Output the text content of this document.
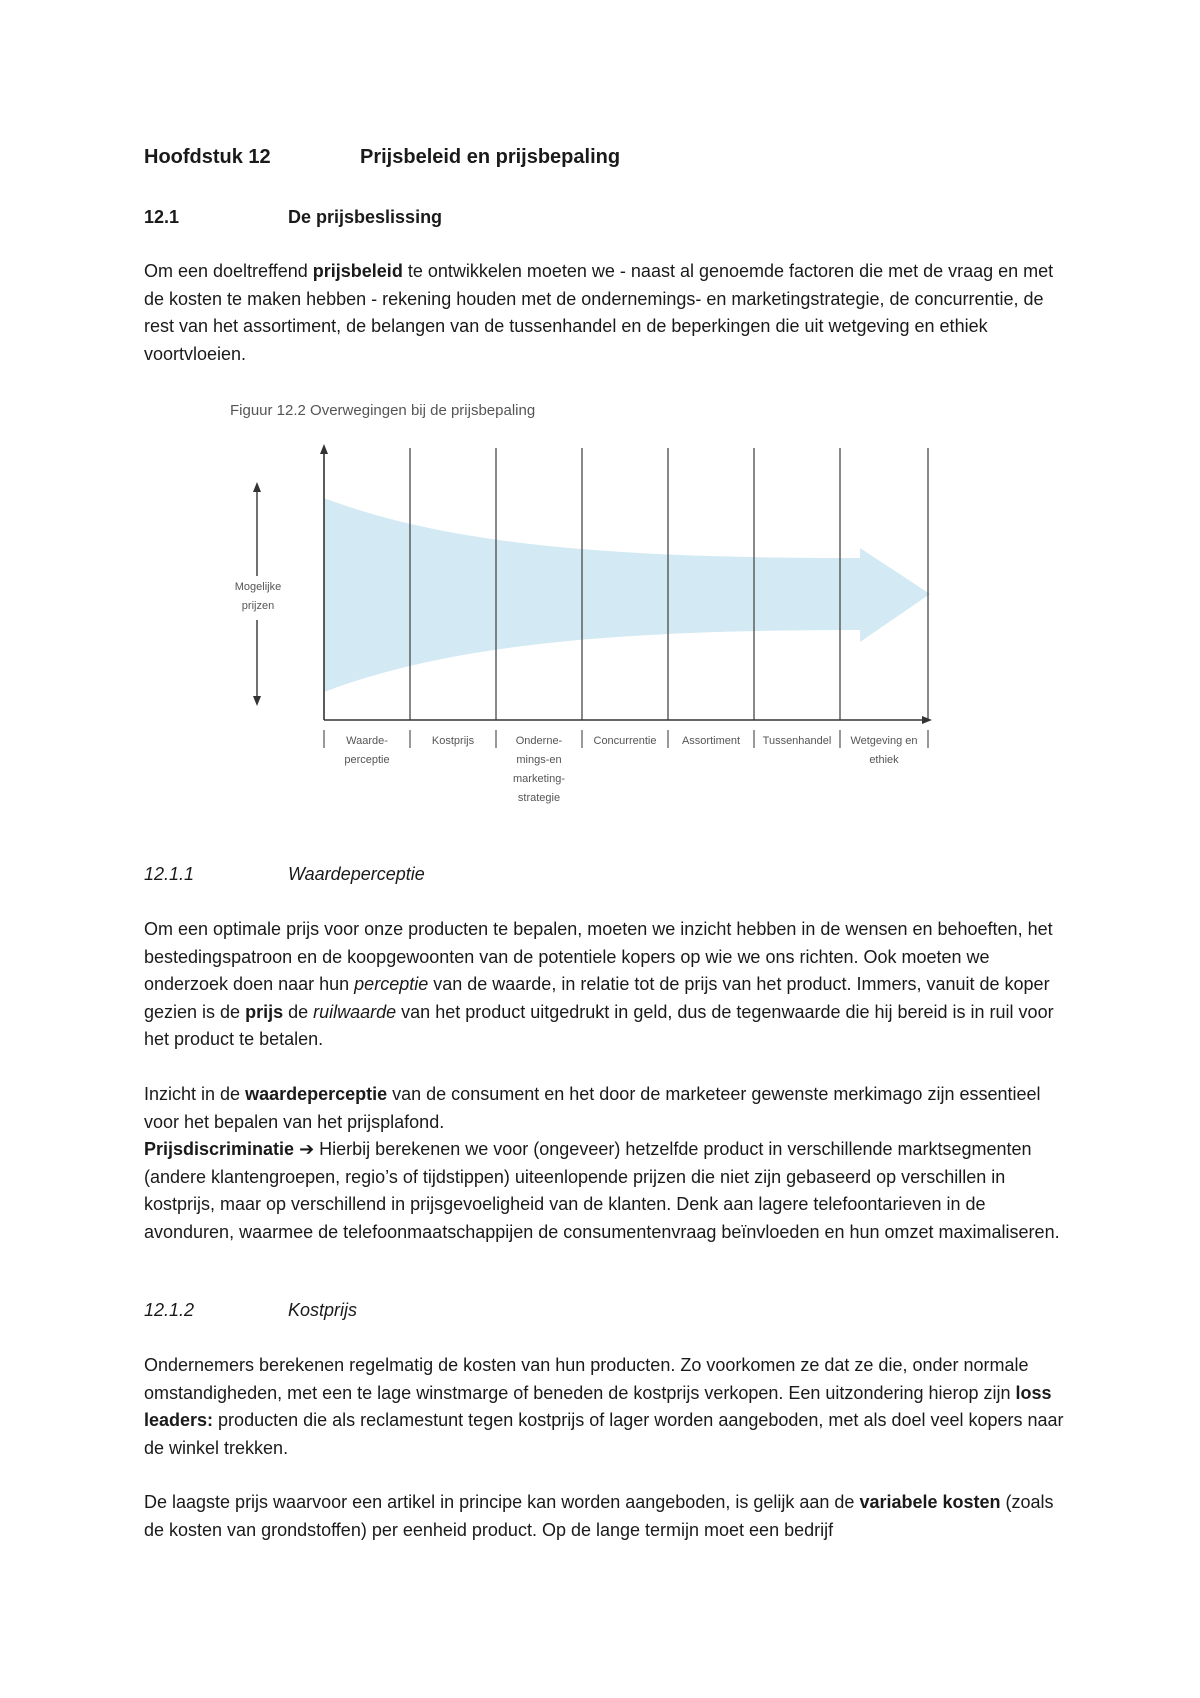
Hoofdstuk 12	Prijsbeleid en prijsbepaling
12.1	De prijsbeslissing

Om een doeltreffend prijsbeleid te ontwikkelen moeten we - naast al genoemde factoren die met de vraag en met de kosten te maken hebben - rekening houden met de ondernemings- en marketingstrategie, de concurrentie, de rest van het assortiment, de belangen van de tussenhandel en de beperkingen die uit wetgeving en ethiek voortvloeien.

Figuur 12.2 Overwegingen bij de prijsbepaling
Mogelijke prijzen
Waarde-perceptie
Kostprijs	Onderne-mings-en marketing-strategie
Concurrentie	Assortiment	Tussenhandel	Wetgeving en ethiek
12.1.1	Waardeperceptie

Om een optimale prijs voor onze producten te bepalen, moeten we inzicht hebben in de wensen en behoeften, het bestedingspatroon en de koopgewoonten van de potentiele kopers op wie we ons richten. Ook moeten we onderzoek doen naar hun perceptie van de waarde, in relatie tot de prijs van het product. Immers, vanuit de koper gezien is de prijs de ruilwaarde van het product uitgedrukt in geld, dus de tegenwaarde die hij bereid is in ruil voor het product te betalen.

Inzicht in de waardeperceptie van de consument en het door de marketeer gewenste merkimago zijn essentieel voor het bepalen van het prijsplafond.

Prijsdiscriminatie ➔ Hierbij berekenen we voor (ongeveer) hetzelfde product in verschillende marktsegmenten (andere klantengroepen, regio’s of tijdstippen) uiteenlopende prijzen die niet zijn gebaseerd op verschillen in kostprijs, maar op verschillend in prijsgevoeligheid van de klanten. Denk aan lagere telefoontarieven in de avonduren, waarmee de telefoonmaatschappijen de consumentenvraag beïnvloeden en hun omzet maximaliseren.

12.1.2	Kostprijs

Ondernemers berekenen regelmatig de kosten van hun producten. Zo voorkomen ze dat ze die, onder normale omstandigheden, met een te lage winstmarge of beneden de kostprijs verkopen. Een uitzondering hierop zijn loss leaders: producten die als reclamestunt tegen kostprijs of lager worden aangeboden, met als doel veel kopers naar de winkel trekken.

De laagste prijs waarvoor een artikel in principe kan worden aangeboden, is gelijk aan de variabele kosten (zoals de kosten van grondstoffen) per eenheid product. Op de lange termijn moet een bedrijf
